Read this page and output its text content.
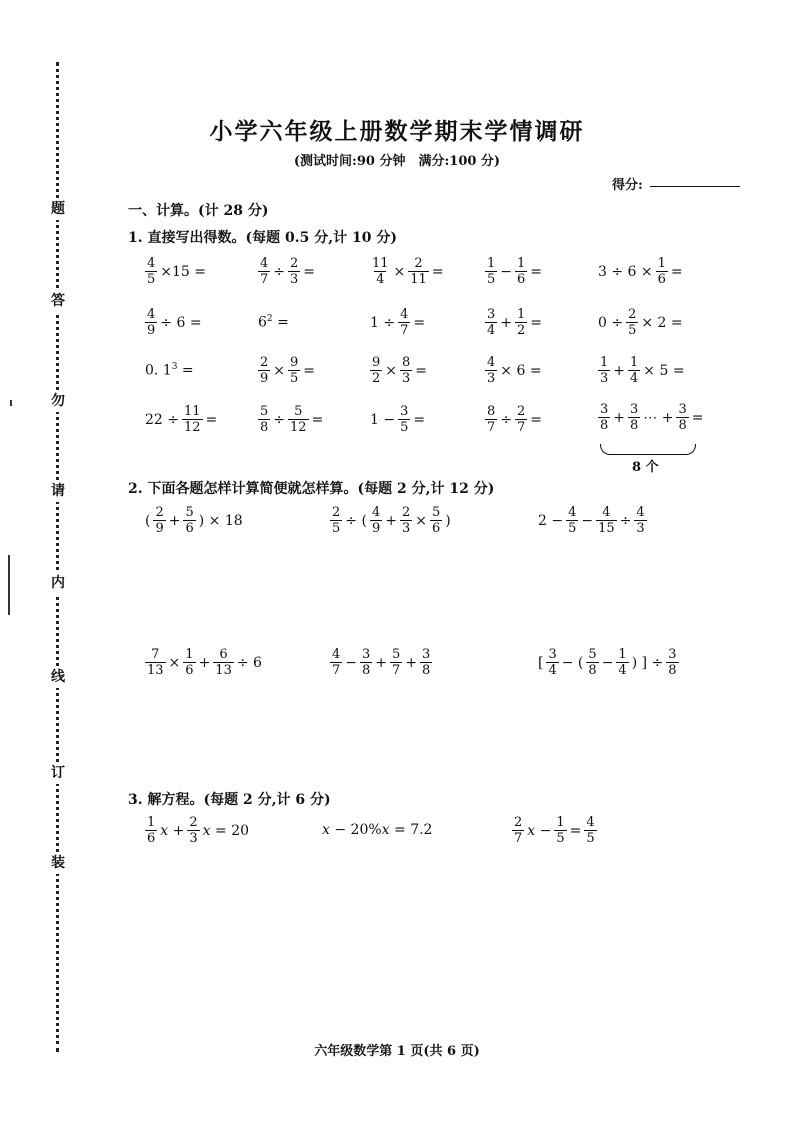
题
答
勿
请
内
线
订
装
小学六年级上册数学期末学情调研
(测试时间:90 分钟　满分:100 分)
得分:
一、计算。(计 28 分)
1. 直接写出得数。(每题 0.5 分,计 10 分)
2. 下面各题怎样计算简便就怎样算。(每题 2 分,计 12 分)
3. 解方程。(每题 2 分,计 6 分)
$\frac{4}{5} \times 15$ =	$\frac{4}{7} \div \frac{2}{3}$ =	$\frac{11}{4} \times \frac{2}{11}$ =	$\frac{1}{5} - \frac{1}{6}$ =	$3 \div 6 \times \frac{1}{6}$ =
$\frac{4}{9} \div 6$ =	$6^2$ =	$1 \div \frac{4}{7}$ =	$\frac{3}{4} + \frac{1}{2}$ =	$0 \div \frac{2}{5} \times 2$ =
0. $1^3$ =	$\frac{2}{9} \times \frac{9}{5}$ =	$\frac{9}{2} \times \frac{8}{3}$ =	$\frac{4}{3} \times 6$ =	$\frac{1}{3} + \frac{1}{4} \times 5$ =
$22 \div \frac{11}{12}$ =	$\frac{5}{8} \div \frac{5}{12}$ =	$1 - \frac{3}{5}$ =	$\frac{8}{7} \div \frac{2}{7}$ =	$\frac{3}{8} + \frac{3}{8}$ ⋯ + $\frac{3}{8}$ =
8 个
( $\frac{2}{9} + \frac{5}{6}$ ) × 18	$\frac{2}{5}$ ÷ ( $\frac{4}{9} + \frac{2}{3} \times \frac{5}{6}$ )	$2 - \frac{4}{5} - \frac{4}{15} \div \frac{4}{3}$
$\frac{7}{13} \times \frac{1}{6} + \frac{6}{13} \div 6$	$\frac{4}{7} - \frac{3}{8} + \frac{5}{7} + \frac{3}{8}$	[ $\frac{3}{4}$ − ( $\frac{5}{8} - \frac{1}{4}$ ) ] ÷ $\frac{3}{8}$
$\frac{1}{6}$ $x + \frac{2}{3}$ x = 20	x − 20%x = 7.2	$\frac{2}{7}$ $x - \frac{1}{5} = \frac{4}{5}$
六年级数学第 1 页(共 6 页)
